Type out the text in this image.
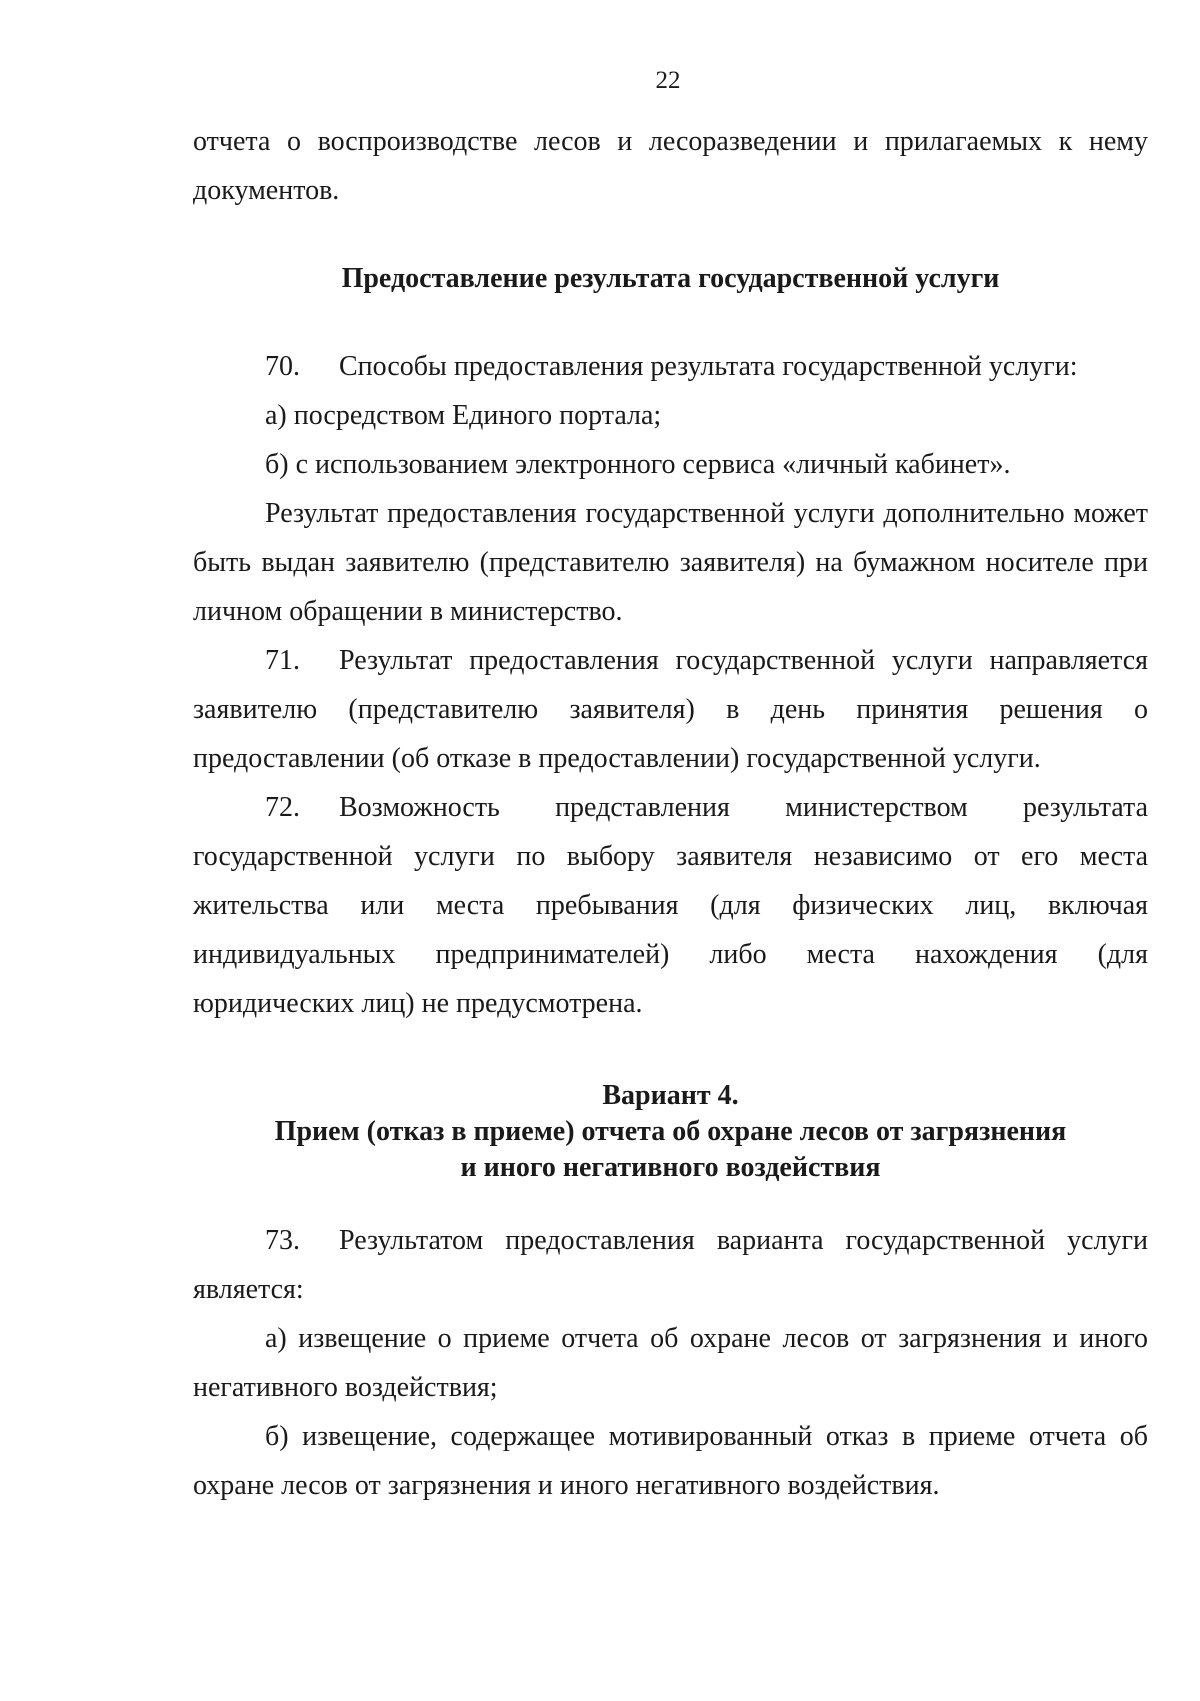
22

отчета о воспроизводстве лесов и лесоразведении и прилагаемых к нему документов.

Предоставление результата государственной услуги

70. Способы предоставления результата государственной услуги:

а) посредством Единого портала;

б) с использованием электронного сервиса «личный кабинет».

Результат предоставления государственной услуги дополнительно может быть выдан заявителю (представителю заявителя) на бумажном носителе при личном обращении в министерство.

71. Результат предоставления государственной услуги направляется заявителю (представителю заявителя) в день принятия решения о предоставлении (об отказе в предоставлении) государственной услуги.

72. Возможность представления министерством результата государственной услуги по выбору заявителя независимо от его места жительства или места пребывания (для физических лиц, включая индивидуальных предпринимателей) либо места нахождения (для юридических лиц) не предусмотрена.

Вариант 4.
Прием (отказ в приеме) отчета об охране лесов от загрязнения
и иного негативного воздействия

73. Результатом предоставления варианта государственной услуги является:

а) извещение о приеме отчета об охране лесов от загрязнения и иного негативного воздействия;

б) извещение, содержащее мотивированный отказ в приеме отчета об охране лесов от загрязнения и иного негативного воздействия.
